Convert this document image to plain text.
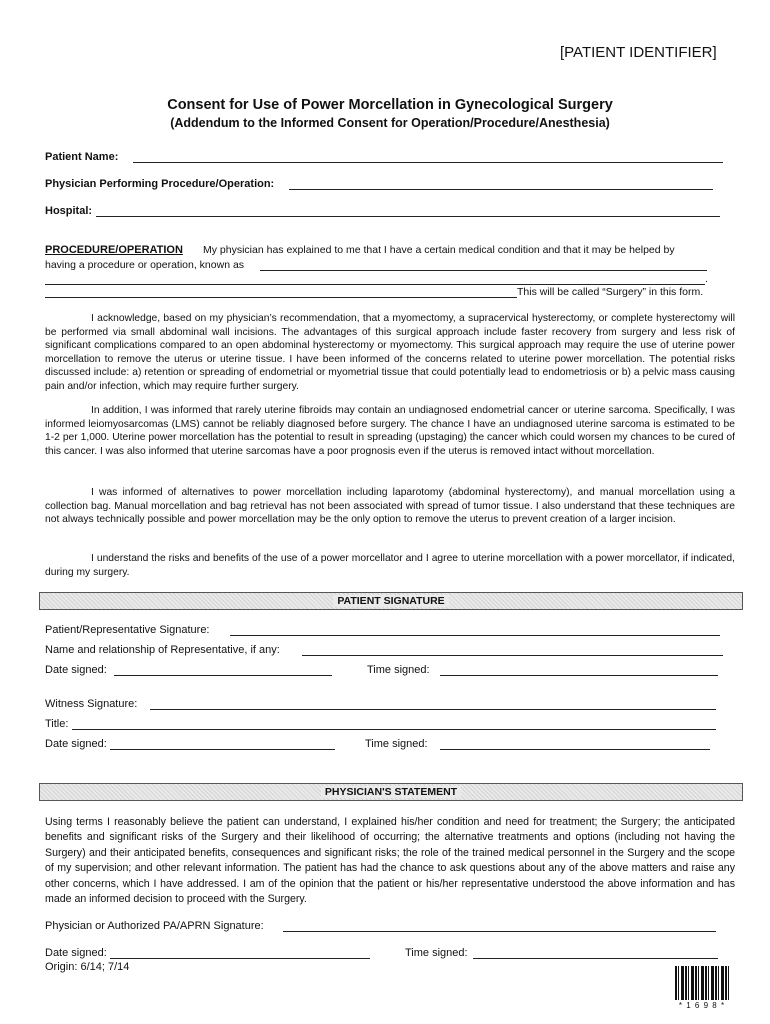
[PATIENT IDENTIFIER]
Consent for Use of Power Morcellation in Gynecological Surgery
(Addendum to the Informed Consent for Operation/Procedure/Anesthesia)
Patient Name:
Physician Performing Procedure/Operation:
Hospital:
PROCEDURE/OPERATION My physician has explained to me that I have a certain medical condition and that it may be helped by
having a procedure or operation, known as
.
This will be called “Surgery” in this form.
I acknowledge, based on my physician’s recommendation, that a myomectomy, a supracervical hysterectomy, or complete hysterectomy will be performed via small abdominal wall incisions. The advantages of this surgical approach include faster recovery from surgery and less risk of significant complications compared to an open abdominal hysterectomy or myomectomy. This surgical approach may require the use of uterine power morcellation to remove the uterus or uterine tissue. I have been informed of the concerns related to uterine power morcellation. The potential risks discussed include: a) retention or spreading of endometrial or myometrial tissue that could potentially lead to endometriosis or b) a pelvic mass causing pain and/or infection, which may require further surgery.
In addition, I was informed that rarely uterine fibroids may contain an undiagnosed endometrial cancer or uterine sarcoma. Specifically, I was informed leiomyosarcomas (LMS) cannot be reliably diagnosed before surgery. The chance I have an undiagnosed uterine sarcoma is estimated to be 1-2 per 1,000. Uterine power morcellation has the potential to result in spreading (upstaging) the cancer which could worsen my chances to be cured of this cancer. I was also informed that uterine sarcomas have a poor prognosis even if the uterus is removed intact without morcellation.
I was informed of alternatives to power morcellation including laparotomy (abdominal hysterectomy), and manual morcellation using a collection bag. Manual morcellation and bag retrieval has not been associated with spread of tumor tissue. I also understand that these techniques are not always technically possible and power morcellation may be the only option to remove the uterus to prevent creation of a larger incision.
I understand the risks and benefits of the use of a power morcellator and I agree to uterine morcellation with a power morcellator, if indicated, during my surgery.
PATIENT SIGNATURE
Patient/Representative Signature:
Name and relationship of Representative, if any:
Date signed:	Time signed:
Witness Signature:
Title:
Date signed:	Time signed:
PHYSICIAN'S STATEMENT
Using terms I reasonably believe the patient can understand, I explained his/her condition and need for treatment; the Surgery; the anticipated benefits and significant risks of the Surgery and their likelihood of occurring; the alternative treatments and options (including not having the Surgery) and their anticipated benefits, consequences and significant risks; the role of the trained medical personnel in the Surgery and the scope of my supervision; and other relevant information. The patient has had the chance to ask questions about any of the above matters and raise any other concerns, which I have addressed. I am of the opinion that the patient or his/her representative understood the above information and has made an informed decision to proceed with the Surgery.
Physician or Authorized PA/APRN Signature:
Date signed:	Time signed:
Origin: 6/14; 7/14
* 1 6 9 8 *
